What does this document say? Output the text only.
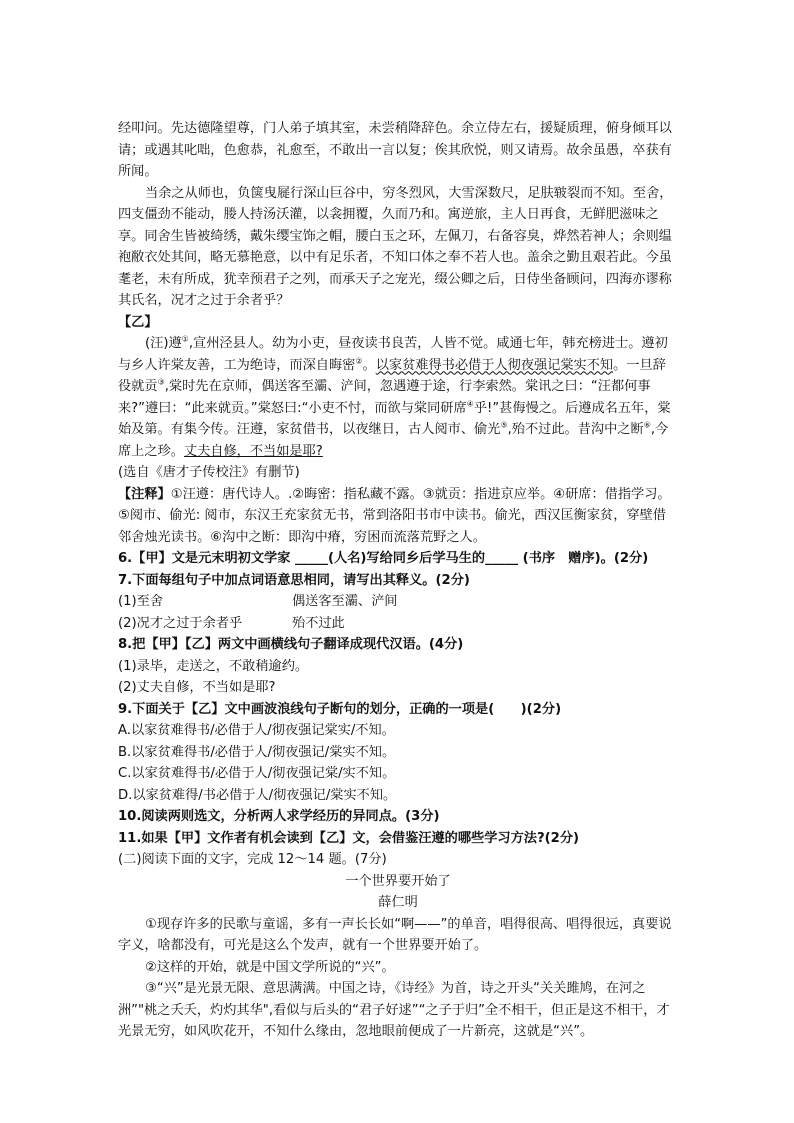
经叩问。先达德隆望尊，门人弟子填其室，未尝稍降辞色。余立侍左右，援疑质理，俯身倾耳以请；或遇其叱咄，色愈恭，礼愈至，不敢出一言以复；俟其欣悦，则又请焉。故余虽愚，卒获有所闻。

当余之从师也，负箧曳屣行深山巨谷中，穷冬烈风，大雪深数尺，足肤皲裂而不知。至舍，四支僵劲不能动，媵人持汤沃灌，以衾拥覆，久而乃和。寓逆旅，主人日再食，无鲜肥滋味之享。同舍生皆被绮绣，戴朱缨宝饰之帽，腰白玉之环，左佩刀，右备容臭，烨然若神人；余则缊袍敝衣处其间，略无慕艳意，以中有足乐者，不知口体之奉不若人也。盖余之勤且艰若此。今虽耄老，未有所成，犹幸预君子之列，而承天子之宠光，缀公卿之后，日侍坐备顾问，四海亦谬称其氏名，况才之过于余者乎？

【乙】

(汪)遵①,宣州泾县人。幼为小吏，昼夜读书良苦，人皆不觉。咸通七年，韩充榜进士。遵初与乡人许棠友善，工为绝诗，而深自晦密②。以家贫难得书必借于人彻夜强记棠实不知。一旦辞役就贡③,棠时先在京师，偶送客至灞、浐间，忽遇遵于途，行李索然。棠讯之曰：“汪都何事来?”遵曰：“此来就贡。”棠怒曰:“小吏不忖，而欲与棠同研席④乎!”甚侮慢之。后遵成名五年，棠始及第。有集今传。汪遵，家贫借书，以夜继日，古人阅市、偷光⑤,殆不过此。昔沟中之断⑥,今席上之珍。丈夫自修，不当如是耶?

(选自《唐才子传校注》有删节)

【注释】①汪遵：唐代诗人。.②晦密：指私藏不露。③就贡：指进京应举。④研席：借指学习。⑤阅市、偷光: 阅市，东汉王充家贫无书，常到洛阳书市中读书。偷光，西汉匡衡家贫，穿壁借邻舍烛光读书。⑥沟中之断：即沟中瘠，穷困而流落荒野之人。

6.【甲】文是元末明初文学家 _____(人名)写给同乡后学马生的_____ (书序　赠序)。(2分)

7.下面每组句子中加点词语意思相同，请写出其释义。(2分)

(1)至舍	偶送客至灞、浐间
(2)况才之过于余者乎	殆不过此

8.把【甲】【乙】两文中画横线句子翻译成现代汉语。(4分)

(1)录毕，走送之，不敢稍逾约。

(2)丈夫自修，不当如是耶?

9.下面关于【乙】文中画波浪线句子断句的划分，正确的一项是(　　)(2分)

A.以家贫难得书/必借于人/彻夜强记棠实/不知。

B.以家贫难得书/必借于人/彻夜强记/棠实不知。

C.以家贫难得书/必借于人/彻夜强记棠/实不知。

D.以家贫难得/书必借于人/彻夜强记/棠实不知。

10.阅读两则选文，分析两人求学经历的异同点。(3分)

11.如果【甲】文作者有机会读到【乙】文，会借鉴汪遵的哪些学习方法?(2分)

(二)阅读下面的文字，完成 12～14 题。(7分)

一个世界要开始了

薛仁明

①现存许多的民歌与童谣，多有一声长长如“啊——”的单音，唱得很高、唱得很远，真要说字义，啥都没有，可光是这么个发声，就有一个世界要开始了。

②这样的开始，就是中国文学所说的“兴”。

③“兴”是光景无限、意思满满。中国之诗，《诗经》为首，诗之开头“关关雎鸠，在河之洲”"桃之夭夭，灼灼其华",看似与后头的“君子好逑”“之子于归”全不相干，但正是这不相干，才光景无穷，如风吹花开，不知什么缘由，忽地眼前便成了一片新亮，这就是“兴”。
